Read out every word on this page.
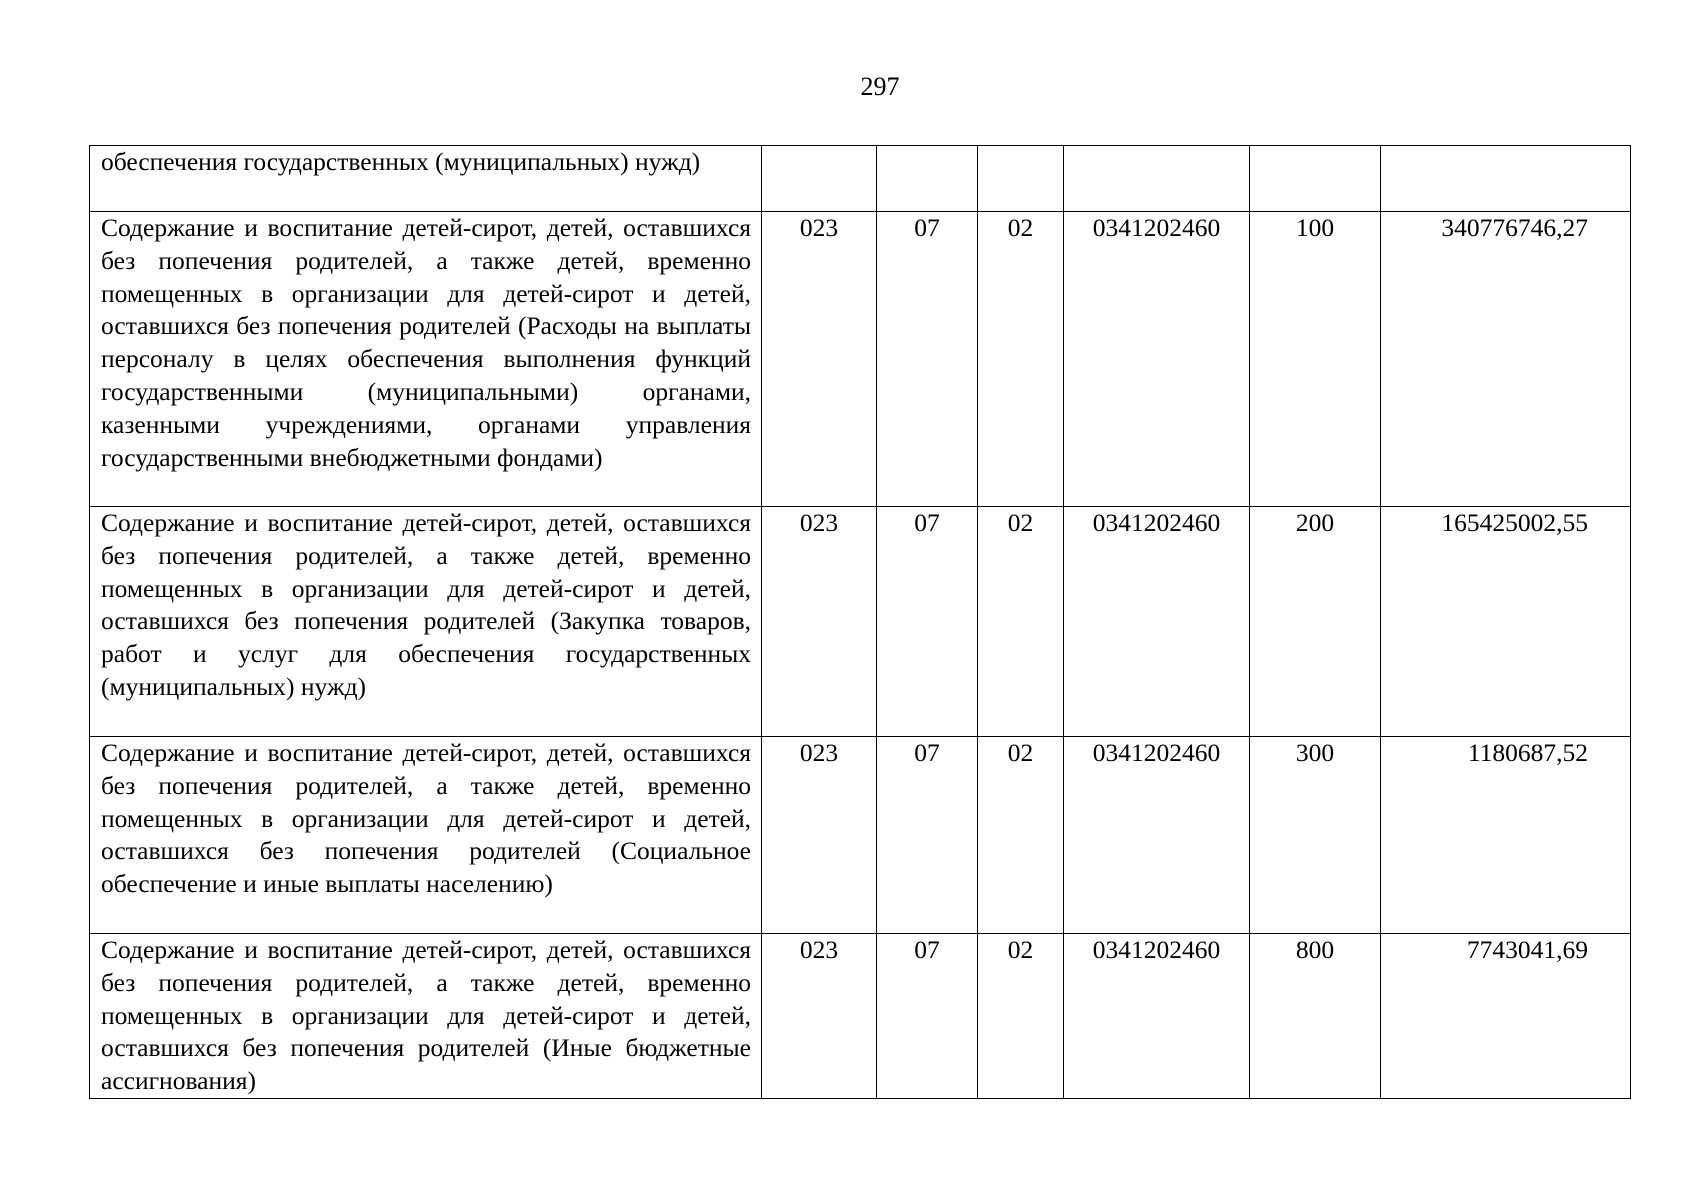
297
обеспечения государственных (муниципальных) нужд)						
Содержание и воспитание детей-сирот, детей, оставшихся без попечения родителей, а также детей, временно помещенных в организации для детей-сирот и детей, оставшихся без попечения родителей (Расходы на выплаты персоналу в целях обеспечения выполнения функций государственными (муниципальными) органами, казенными учреждениями, органами управления государственными внебюджетными фондами)	023	07	02	0341202460	100	340776746,27
Содержание и воспитание детей-сирот, детей, оставшихся без попечения родителей, а также детей, временно помещенных в организации для детей-сирот и детей, оставшихся без попечения родителей (Закупка товаров, работ и услуг для обеспечения государственных (муниципальных) нужд)	023	07	02	0341202460	200	165425002,55
Содержание и воспитание детей-сирот, детей, оставшихся без попечения родителей, а также детей, временно помещенных в организации для детей-сирот и детей, оставшихся без попечения родителей (Социальное обеспечение и иные выплаты населению)	023	07	02	0341202460	300	1180687,52
Содержание и воспитание детей-сирот, детей, оставшихся без попечения родителей, а также детей, временно помещенных в организации для детей-сирот и детей, оставшихся без попечения родителей (Иные бюджетные ассигнования)	023	07	02	0341202460	800	7743041,69
